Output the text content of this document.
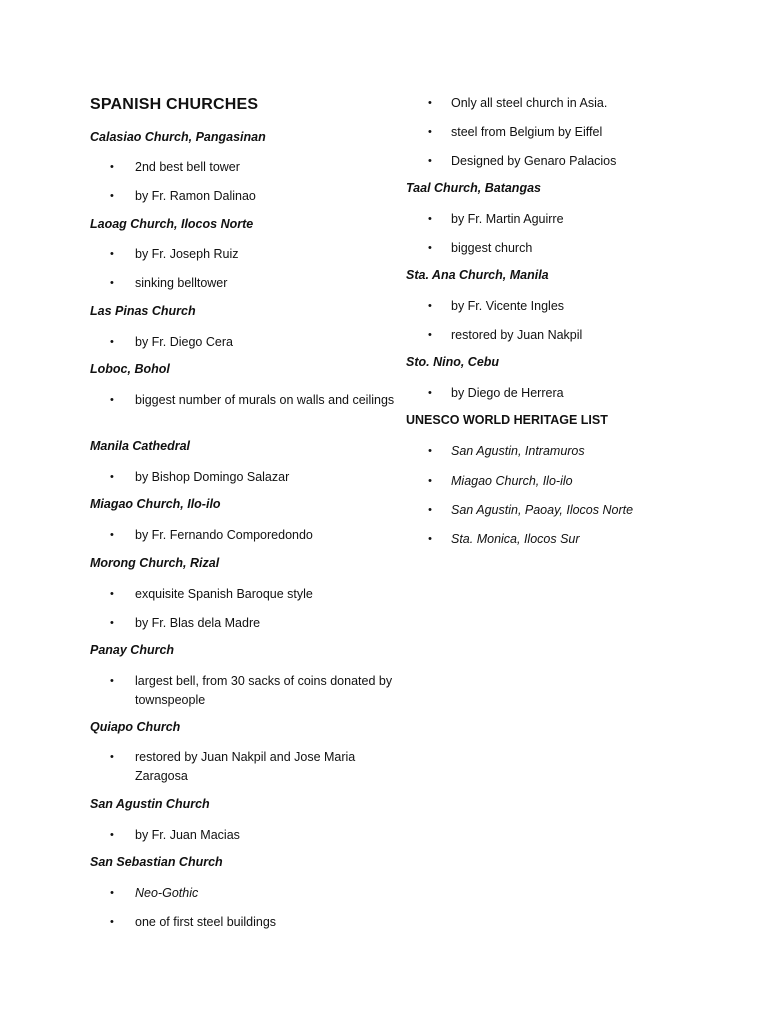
SPANISH CHURCHES
Calasiao Church, Pangasinan
• 2nd best bell tower
• by Fr. Ramon Dalinao
Laoag Church, Ilocos Norte
• by Fr. Joseph Ruiz
• sinking belltower
Las Pinas Church
• by Fr. Diego Cera
Loboc, Bohol
• biggest number of murals on walls and ceilings
Manila Cathedral
• by Bishop Domingo Salazar
Miagao Church, Ilo-ilo
• by Fr. Fernando Comporedondo
Morong Church, Rizal
• exquisite Spanish Baroque style
• by Fr. Blas dela Madre
Panay Church
• largest bell, from 30 sacks of coins donated by townspeople
Quiapo Church
• restored by Juan Nakpil and Jose Maria Zaragosa
San Agustin Church
• by Fr. Juan Macias
San Sebastian Church
• Neo-Gothic
• one of first steel buildings
• Only all steel church in Asia.
• steel from Belgium by Eiffel
• Designed by Genaro Palacios
Taal Church, Batangas
• by Fr. Martin Aguirre
• biggest church
Sta. Ana Church, Manila
• by Fr. Vicente Ingles
• restored by Juan Nakpil
Sto. Nino, Cebu
• by Diego de Herrera
UNESCO WORLD HERITAGE LIST
• San Agustin, Intramuros
• Miagao Church, Ilo-ilo
• San Agustin, Paoay, Ilocos Norte
• Sta. Monica, Ilocos Sur
